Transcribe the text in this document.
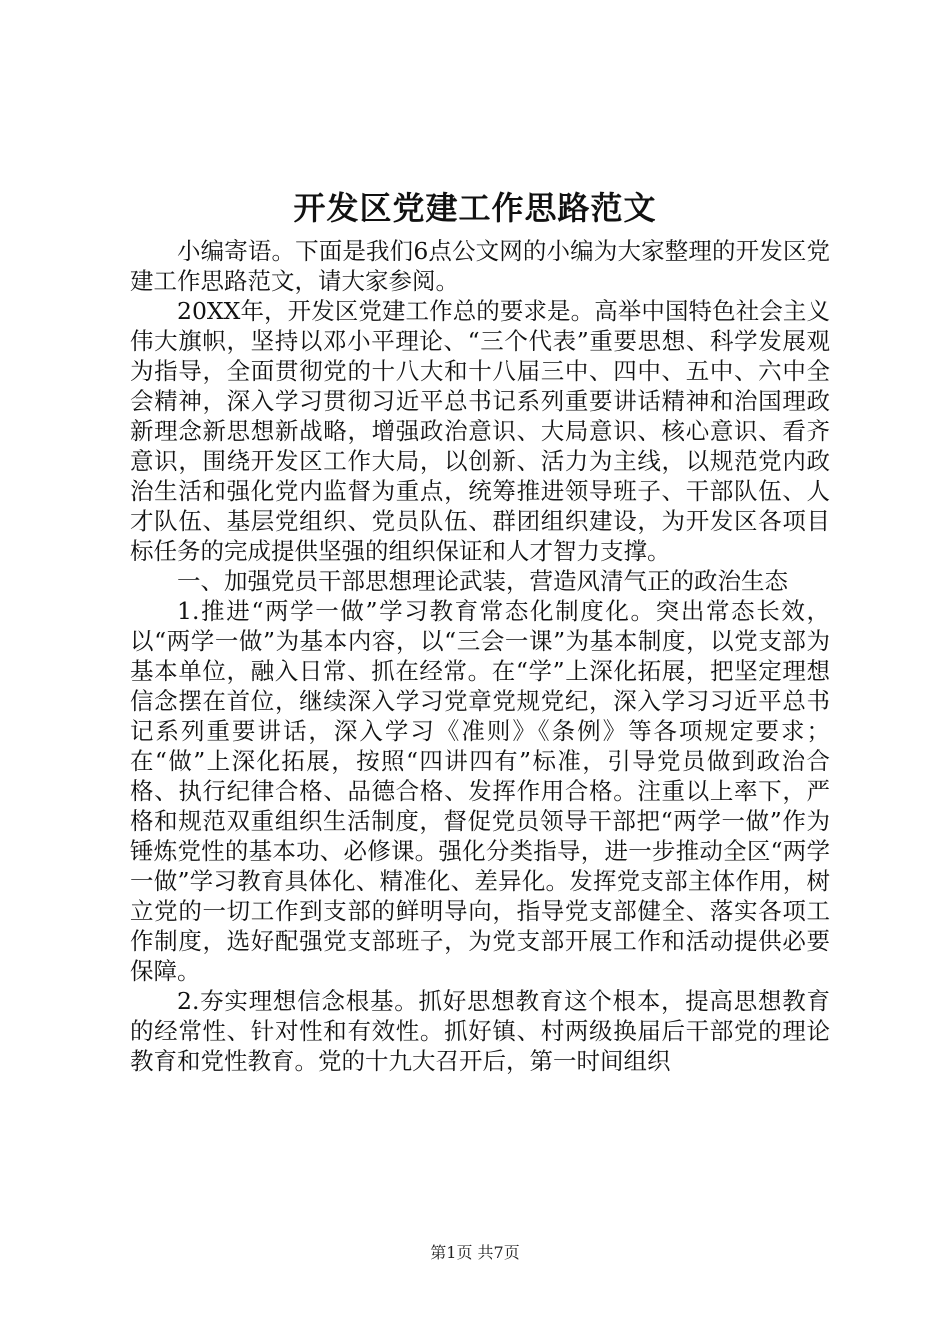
开发区党建工作思路范文

小编寄语。下面是我们6点公文网的小编为大家整理的开发区党建工作思路范文，请大家参阅。

20XX年，开发区党建工作总的要求是。高举中国特色社会主义伟大旗帜，坚持以邓小平理论、“三个代表”重要思想、科学发展观为指导，全面贯彻党的十八大和十八届三中、四中、五中、六中全会精神，深入学习贯彻习近平总书记系列重要讲话精神和治国理政新理念新思想新战略，增强政治意识、大局意识、核心意识、看齐意识，围绕开发区工作大局，以创新、活力为主线，以规范党内政治生活和强化党内监督为重点，统筹推进领导班子、干部队伍、人才队伍、基层党组织、党员队伍、群团组织建设，为开发区各项目标任务的完成提供坚强的组织保证和人才智力支撑。

一、加强党员干部思想理论武装，营造风清气正的政治生态

1.推进“两学一做”学习教育常态化制度化。突出常态长效，以“两学一做”为基本内容，以“三会一课”为基本制度，以党支部为基本单位，融入日常、抓在经常。在“学”上深化拓展，把坚定理想信念摆在首位，继续深入学习党章党规党纪，深入学习习近平总书记系列重要讲话，深入学习《准则》《条例》等各项规定要求；在“做”上深化拓展，按照“四讲四有”标准，引导党员做到政治合格、执行纪律合格、品德合格、发挥作用合格。注重以上率下，严格和规范双重组织生活制度，督促党员领导干部把“两学一做”作为锤炼党性的基本功、必修课。强化分类指导，进一步推动全区“两学一做”学习教育具体化、精准化、差异化。发挥党支部主体作用，树立党的一切工作到支部的鲜明导向，指导党支部健全、落实各项工作制度，选好配强党支部班子，为党支部开展工作和活动提供必要保障。

2.夯实理想信念根基。抓好思想教育这个根本，提高思想教育的经常性、针对性和有效性。抓好镇、村两级换届后干部党的理论教育和党性教育。党的十九大召开后，第一时间组织

第1页 共7页
